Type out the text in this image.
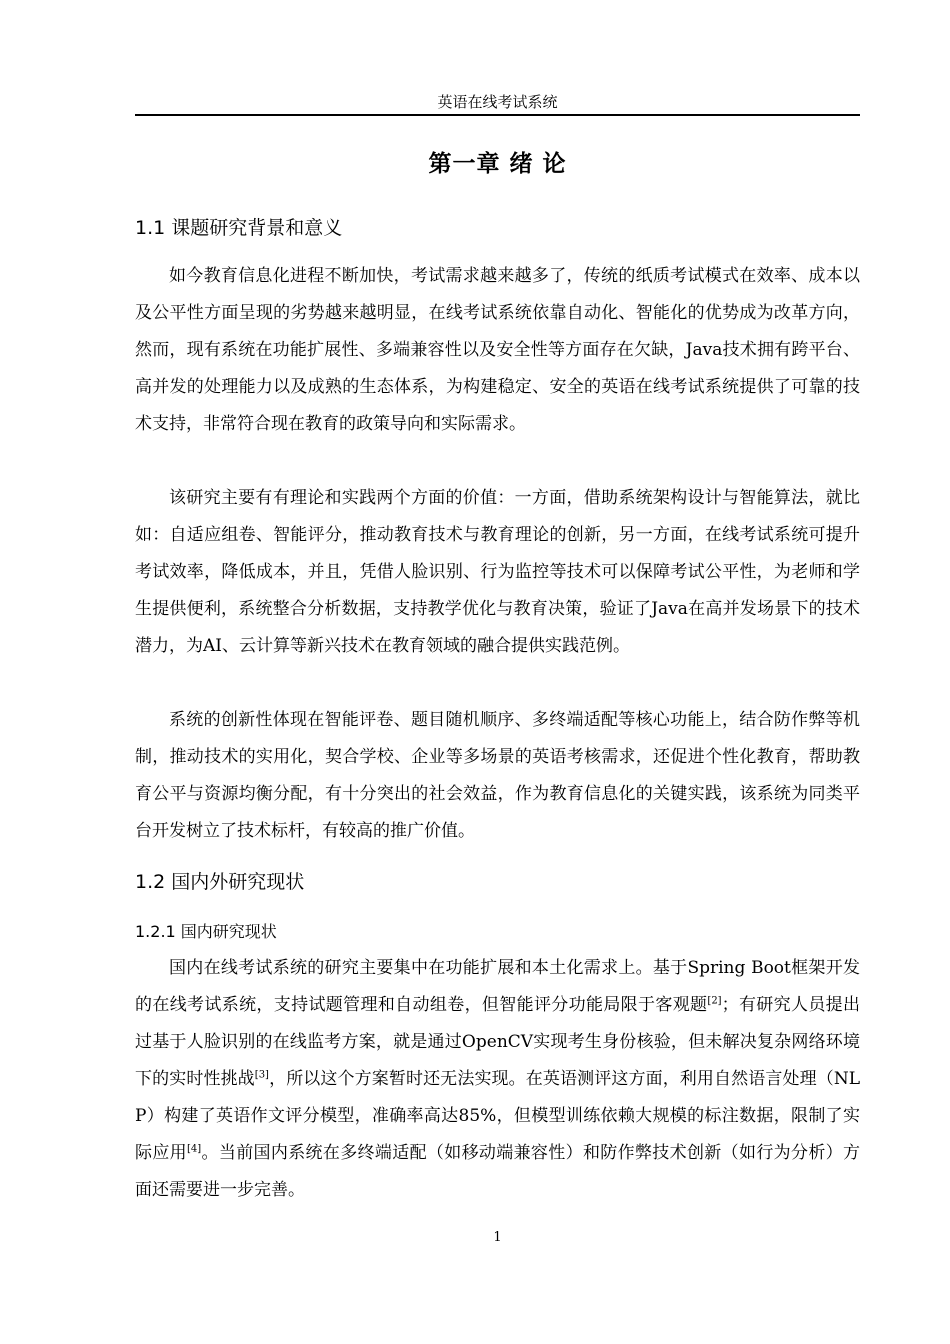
英语在线考试系统
第一章 绪 论
1.1 课题研究背景和意义

如今教育信息化进程不断加快，考试需求越来越多了，传统的纸质考试模式在效率、成本以及公平性方面呈现的劣势越来越明显，在线考试系统依靠自动化、智能化的优势成为改革方向，然而，现有系统在功能扩展性、多端兼容性以及安全性等方面存在欠缺，Java技术拥有跨平台、高并发的处理能力以及成熟的生态体系，为构建稳定、安全的英语在线考试系统提供了可靠的技术支持，非常符合现在教育的政策导向和实际需求。

该研究主要有有理论和实践两个方面的价值：一方面，借助系统架构设计与智能算法，就比如：自适应组卷、智能评分，推动教育技术与教育理论的创新，另一方面，在线考试系统可提升考试效率，降低成本，并且，凭借人脸识别、行为监控等技术可以保障考试公平性，为老师和学生提供便利，系统整合分析数据，支持教学优化与教育决策，验证了Java在高并发场景下的技术潜力，为AI、云计算等新兴技术在教育领域的融合提供实践范例。

系统的创新性体现在智能评卷、题目随机顺序、多终端适配等核心功能上，结合防作弊等机制，推动技术的实用化，契合学校、企业等多场景的英语考核需求，还促进个性化教育，帮助教育公平与资源均衡分配，有十分突出的社会效益，作为教育信息化的关键实践，该系统为同类平台开发树立了技术标杆，有较高的推广价值。

1.2 国内外研究现状
1.2.1 国内研究现状

国内在线考试系统的研究主要集中在功能扩展和本土化需求上。基于Spring Boot框架开发的在线考试系统，支持试题管理和自动组卷，但智能评分功能局限于客观题[2]；有研究人员提出过基于人脸识别的在线监考方案，就是通过OpenCV实现考生身份核验，但未解决复杂网络环境下的实时性挑战[3]，所以这个方案暂时还无法实现。在英语测评这方面，利用自然语言处理（NLP）构建了英语作文评分模型，准确率高达85%，但模型训练依赖大规模的标注数据，限制了实际应用[4]。当前国内系统在多终端适配（如移动端兼容性）和防作弊技术创新（如行为分析）方面还需要进一步完善。

1
